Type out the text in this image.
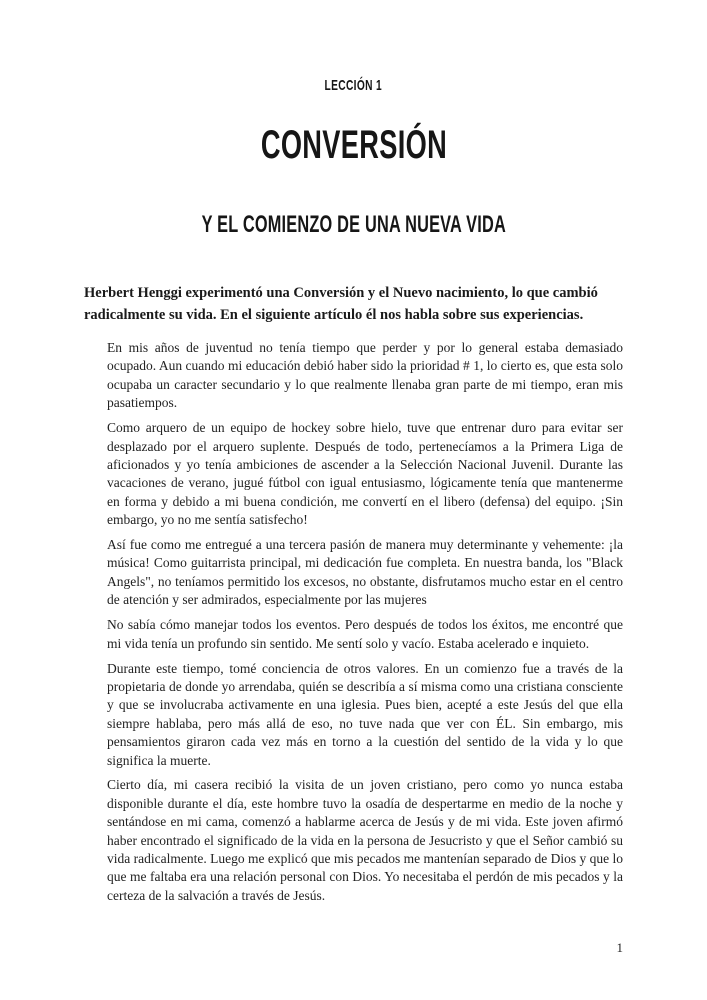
LECCIÓN 1
CONVERSIÓN
Y EL COMIENZO DE UNA NUEVA VIDA

Herbert Henggi experimentó una Conversión y el Nuevo nacimiento, lo que cambió radicalmente su vida. En el siguiente artículo él nos habla sobre sus experiencias.

En mis años de juventud no tenía tiempo que perder y por lo general estaba demasiado ocupado. Aun cuando mi educación debió haber sido la prioridad # 1, lo cierto es, que esta solo ocupaba un caracter secundario y lo que realmente llenaba gran parte de mi tiempo, eran mis pasatiempos.

Como arquero de un equipo de hockey sobre hielo, tuve que entrenar duro para evitar ser desplazado por el arquero suplente. Después de todo, pertenecíamos a la Primera Liga de aficionados y yo tenía ambiciones de ascender a la Selección Nacional Juvenil. Durante las vacaciones de verano, jugué fútbol con igual entusiasmo, lógicamente tenía que mantenerme en forma y debido a mi buena condición, me convertí en el libero (defensa) del equipo. ¡Sin embargo, yo no me sentía satisfecho!

Así fue como me entregué a una tercera pasión de manera muy determinante y vehemente: ¡la música! Como guitarrista principal, mi dedicación fue completa. En nuestra banda, los "Black Angels", no teníamos permitido los excesos, no obstante, disfrutamos mucho estar en el centro de atención y ser admirados, especialmente por las mujeres

No sabía cómo manejar todos los eventos. Pero después de todos los éxitos, me encontré que mi vida tenía un profundo sin sentido. Me sentí solo y vacío. Estaba acelerado e inquieto.

Durante este tiempo, tomé conciencia de otros valores. En un comienzo fue a través de la propietaria de donde yo arrendaba, quién se describía a sí misma como una cristiana consciente y que se involucraba activamente en una iglesia. Pues bien, acepté a este Jesús del que ella siempre hablaba, pero más allá de eso, no tuve nada que ver con ÉL. Sin embargo, mis pensamientos giraron cada vez más en torno a la cuestión del sentido de la vida y lo que significa la muerte.

Cierto día, mi casera recibió la visita de un joven cristiano, pero como yo nunca estaba disponible durante el día, este hombre tuvo la osadía de despertarme en medio de la noche y sentándose en mi cama, comenzó a hablarme acerca de Jesús y de mi vida. Este joven afirmó haber encontrado el significado de la vida en la persona de Jesucristo y que el Señor cambió su vida radicalmente. Luego me explicó que mis pecados me mantenían separado de Dios y que lo que me faltaba era una relación personal con Dios. Yo necesitaba el perdón de mis pecados y la certeza de la salvación a través de Jesús.

1
